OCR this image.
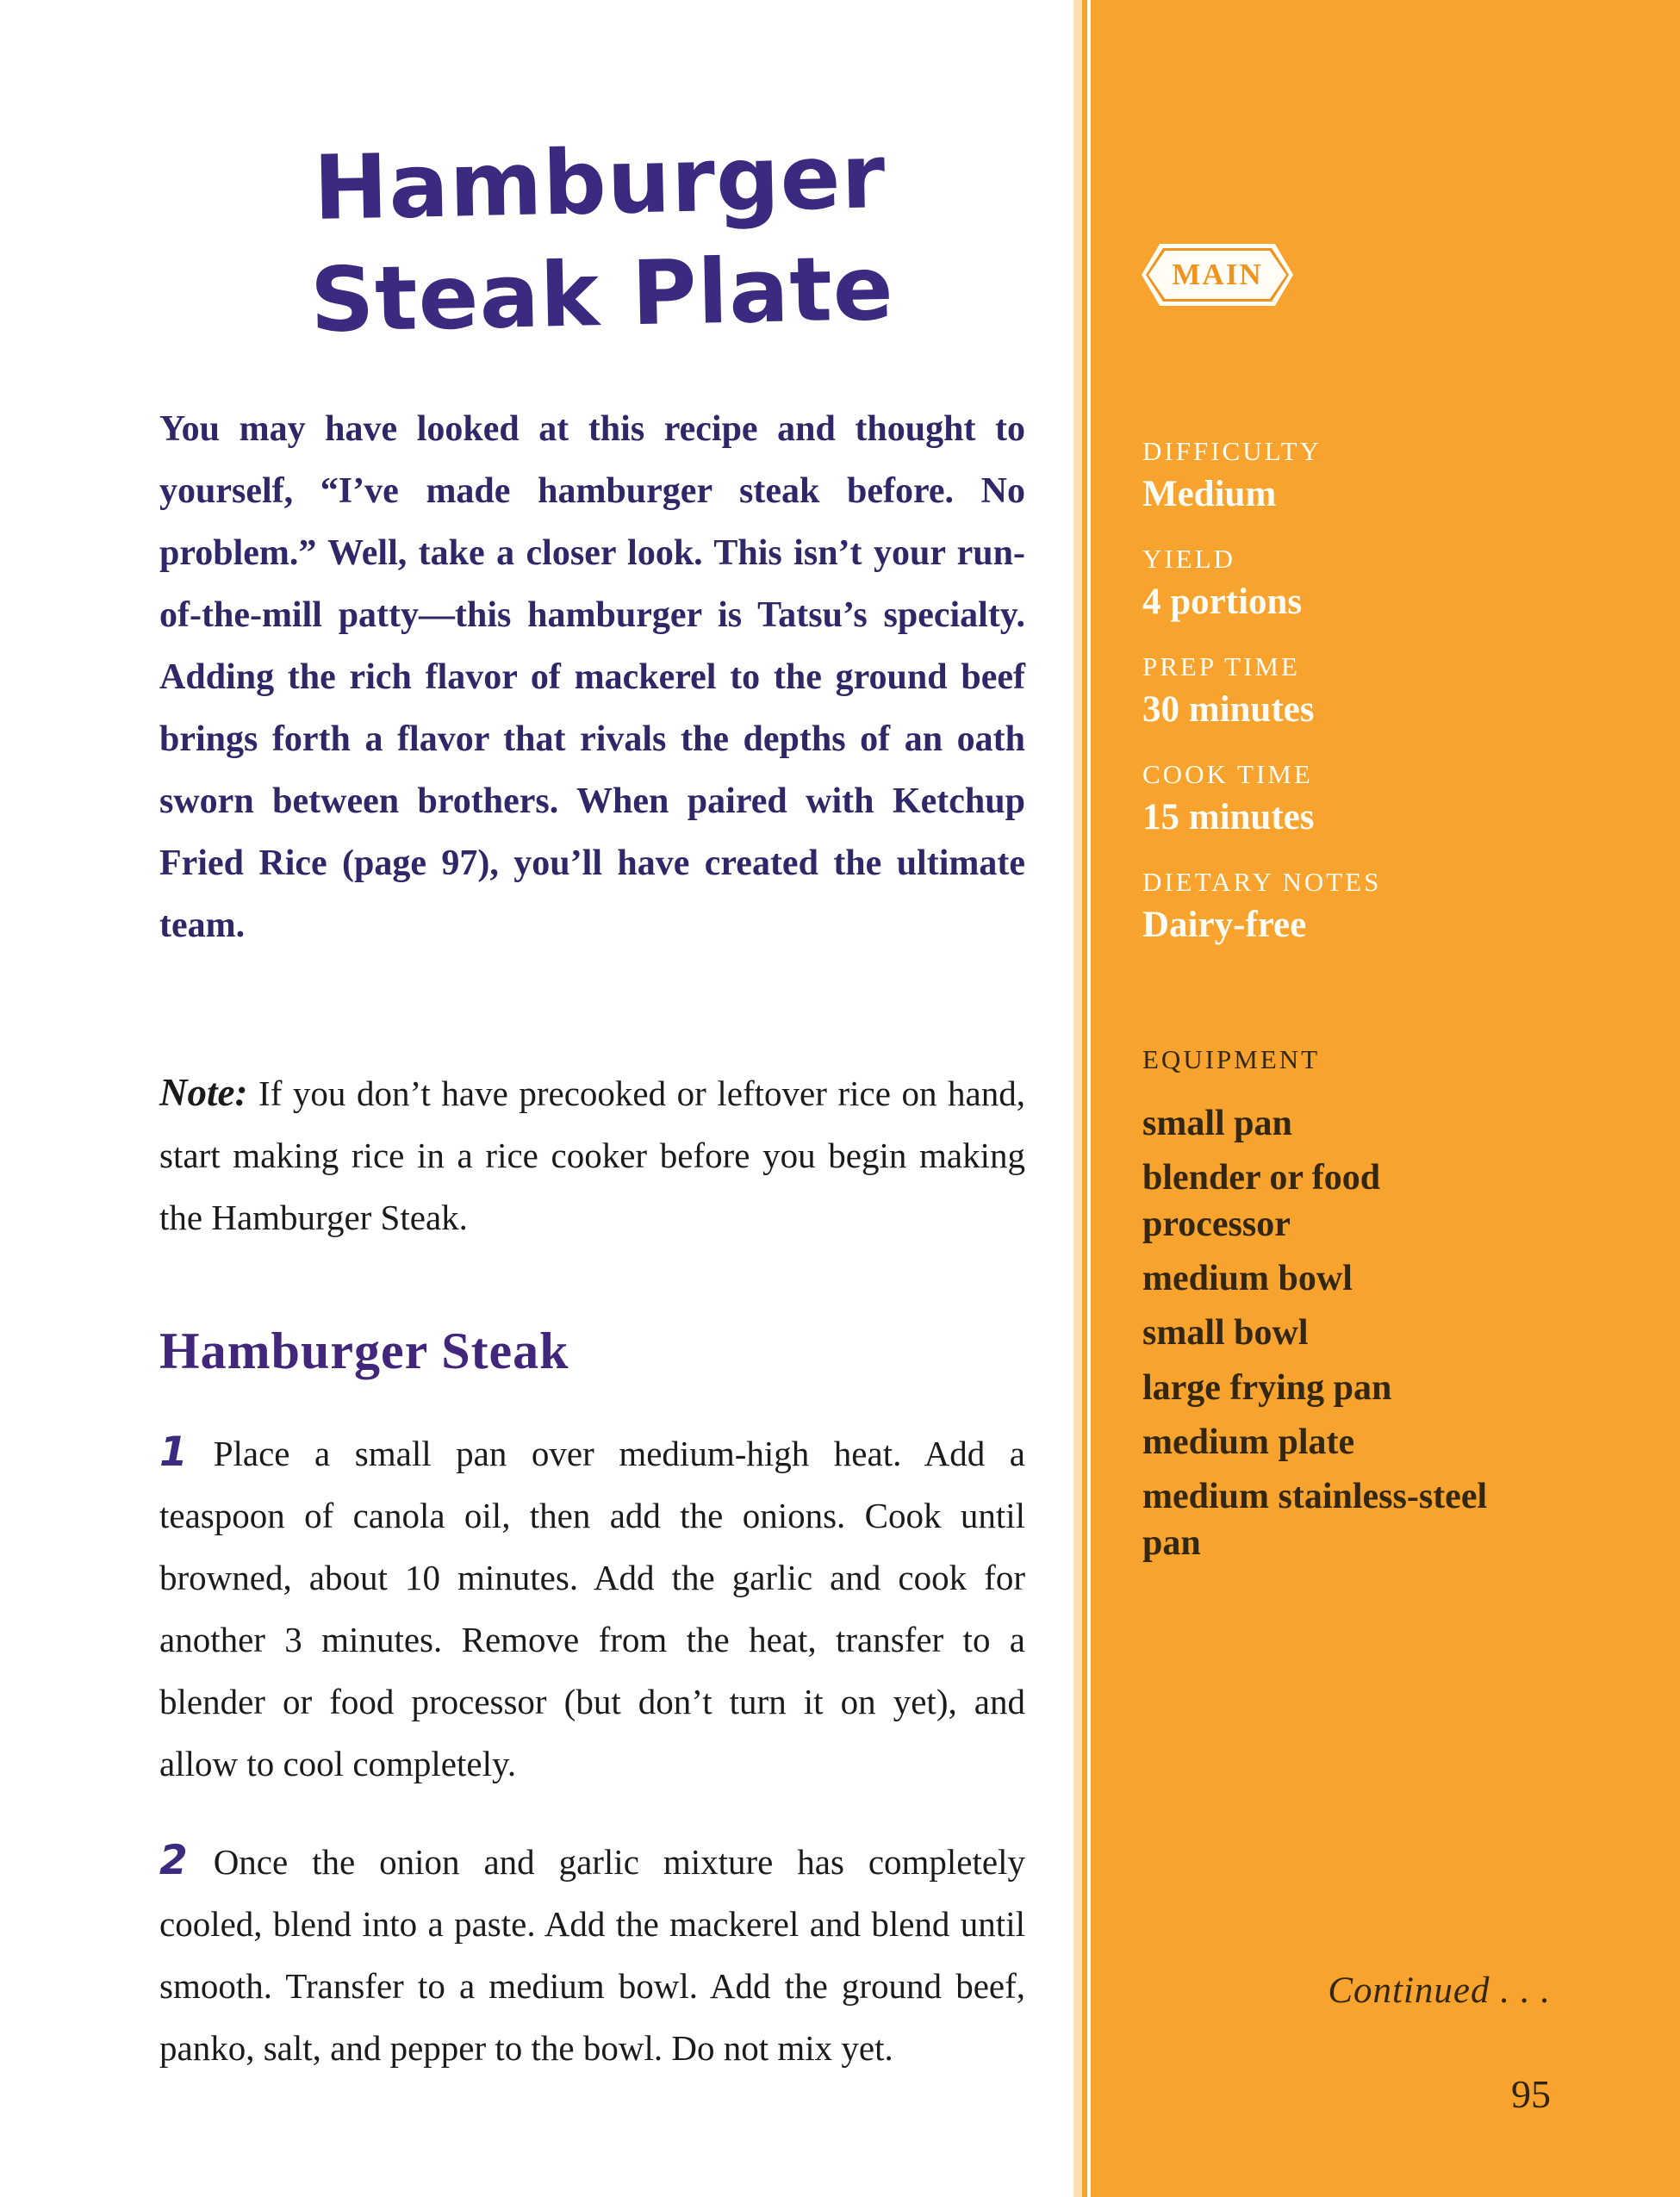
Hamburger
Steak Plate

You may have looked at this recipe and thought to yourself, “I’ve made hamburger steak before. No problem.” Well, take a closer look. This isn’t your run-of-the-mill patty—this hamburger is Tatsu’s specialty. Adding the rich flavor of mackerel to the ground beef brings forth a flavor that rivals the depths of an oath sworn between brothers. When paired with Ketchup Fried Rice (page 97), you’ll have created the ultimate team.

Note: If you don’t have precooked or leftover rice on hand, start making rice in a rice cooker before you begin making the Hamburger Steak.

Hamburger Steak

1 Place a small pan over medium-high heat. Add a teaspoon of canola oil, then add the onions. Cook until browned, about 10 minutes. Add the garlic and cook for another 3 minutes. Remove from the heat, transfer to a blender or food processor (but don’t turn it on yet), and allow to cool completely.

2 Once the onion and garlic mixture has completely cooled, blend into a paste. Add the mackerel and blend until smooth. Transfer to a medium bowl. Add the ground beef, panko, salt, and pepper to the bowl. Do not mix yet.

MAIN
DIFFICULTY
Medium
YIELD
4 portions
PREP TIME
30 minutes
COOK TIME
15 minutes
DIETARY NOTES
Dairy-free
EQUIPMENT
small pan
blender or food processor
medium bowl
small bowl
large frying pan
medium plate
medium stainless-steel pan
Continued . . .
95
